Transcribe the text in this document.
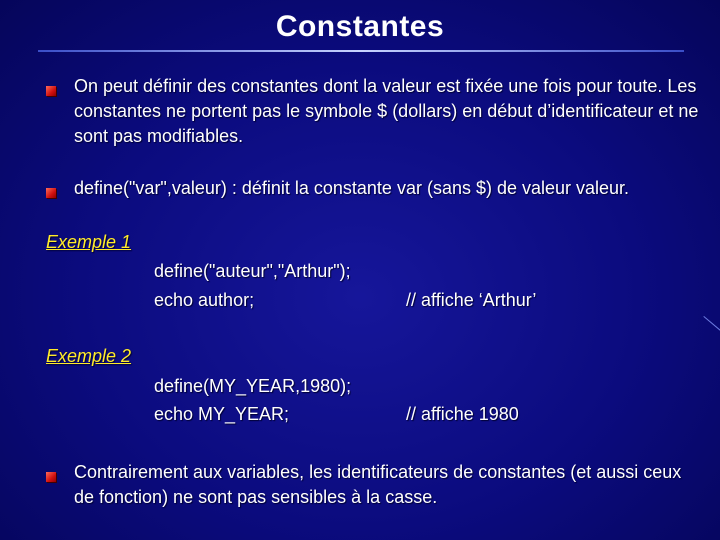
Constantes
On peut définir des constantes dont la valeur est fixée une fois pour toute. Les constantes ne portent pas le symbole $ (dollars) en début d’identificateur et ne sont pas modifiables.
define("var",valeur) : définit la constante var (sans $) de valeur valeur.
Exemple 1
define("auteur","Arthur");
echo author;	// affiche ‘Arthur’
Exemple 2
define(MY_YEAR,1980);
echo MY_YEAR;	// affiche 1980
Contrairement aux variables, les identificateurs de constantes (et aussi ceux de fonction) ne sont pas sensibles à la casse.
